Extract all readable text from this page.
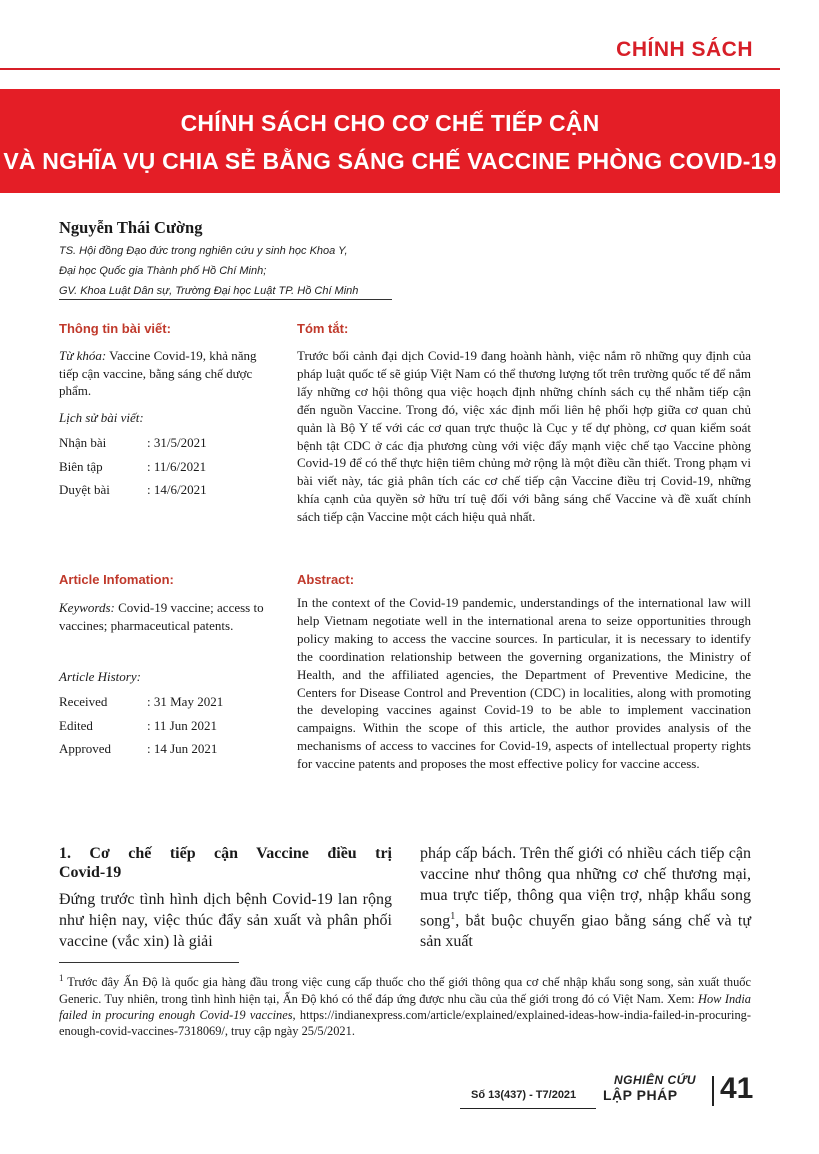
CHÍNH SÁCH
CHÍNH SÁCH CHO CƠ CHẾ TIẾP CẬN
VÀ NGHĨA VỤ CHIA SẺ BẰNG SÁNG CHẾ VACCINE PHÒNG COVID-19
Nguyễn Thái Cường
TS. Hội đồng Đạo đức trong nghiên cứu y sinh học Khoa Y,
Đại học Quốc gia Thành phố Hồ Chí Minh;
GV. Khoa Luật Dân sự, Trường Đại học Luật TP. Hồ Chí Minh
Thông tin bài viết:
Từ khóa: Vaccine Covid-19, khả năng tiếp cận vaccine, bằng sáng chế dược phẩm.
Lịch sử bài viết:
Nhận bài	: 31/5/2021
Biên tập	: 11/6/2021
Duyệt bài	: 14/6/2021
Tóm tắt:
Trước bối cảnh đại dịch Covid-19 đang hoành hành, việc nắm rõ những quy định của pháp luật quốc tế sẽ giúp Việt Nam có thể thương lượng tốt trên trường quốc tế để nắm lấy những cơ hội thông qua việc hoạch định những chính sách cụ thể nhằm tiếp cận đến nguồn Vaccine. Trong đó, việc xác định mối liên hệ phối hợp giữa cơ quan chủ quản là Bộ Y tế với các cơ quan trực thuộc là Cục y tế dự phòng, cơ quan kiểm soát bệnh tật CDC ở các địa phương cùng với việc đẩy mạnh việc chế tạo Vaccine phòng Covid-19 để có thể thực hiện tiêm chủng mở rộng là một điều cần thiết. Trong phạm vi bài viết này, tác giả phân tích các cơ chế tiếp cận Vaccine điều trị Covid-19, những khía cạnh của quyền sở hữu trí tuệ đối với bằng sáng chế Vaccine và đề xuất chính sách tiếp cận Vaccine một cách hiệu quả nhất.
Article Infomation:
Keywords: Covid-19 vaccine; access to vaccines; pharmaceutical patents.
Article History:
Received	: 31 May 2021
Edited	: 11 Jun 2021
Approved	: 14 Jun 2021
Abstract:
In the context of the Covid-19 pandemic, understandings of the international law will help Vietnam negotiate well in the international arena to seize opportunities through policy making to access the vaccine sources. In particular, it is necessary to identify the coordination relationship between the governing organizations, the Ministry of Health, and the affiliated agencies, the Department of Preventive Medicine, the Centers for Disease Control and Prevention (CDC) in localities, along with promoting the developing vaccines against Covid-19 to be able to implement vaccination campaigns. Within the scope of this article, the author provides analysis of the mechanisms of access to vaccines for Covid-19, aspects of intellectual property rights for vaccine patents and proposes the most effective policy for vaccine access.
1. Cơ chế tiếp cận Vaccine điều trị
Covid-19
Đứng trước tình hình dịch bệnh Covid-19 lan rộng như hiện nay, việc thúc đẩy sản xuất và phân phối vaccine (vắc xin) là giải
pháp cấp bách. Trên thế giới có nhiều cách tiếp cận vaccine như thông qua những cơ chế thương mại, mua trực tiếp, thông qua viện trợ, nhập khẩu song song$^1$, bắt buộc chuyển giao bằng sáng chế và tự sản xuất
$^1$ Trước đây Ấn Độ là quốc gia hàng đầu trong việc cung cấp thuốc cho thế giới thông qua cơ chế nhập khẩu song song, sản xuất thuốc Generic. Tuy nhiên, trong tình hình hiện tại, Ấn Độ khó có thể đáp ứng được nhu cầu của thế giới trong đó có Việt Nam. Xem: How India failed in procuring enough Covid-19 vaccines, https://indianexpress.com/article/explained/explained-ideas-how-india-failed-in-procuring-enough-covid-vaccines-7318069/, truy cập ngày 25/5/2021.
Số 13(437) - T7/2021
NGHIÊN CỨU
LẬP PHÁP 41
